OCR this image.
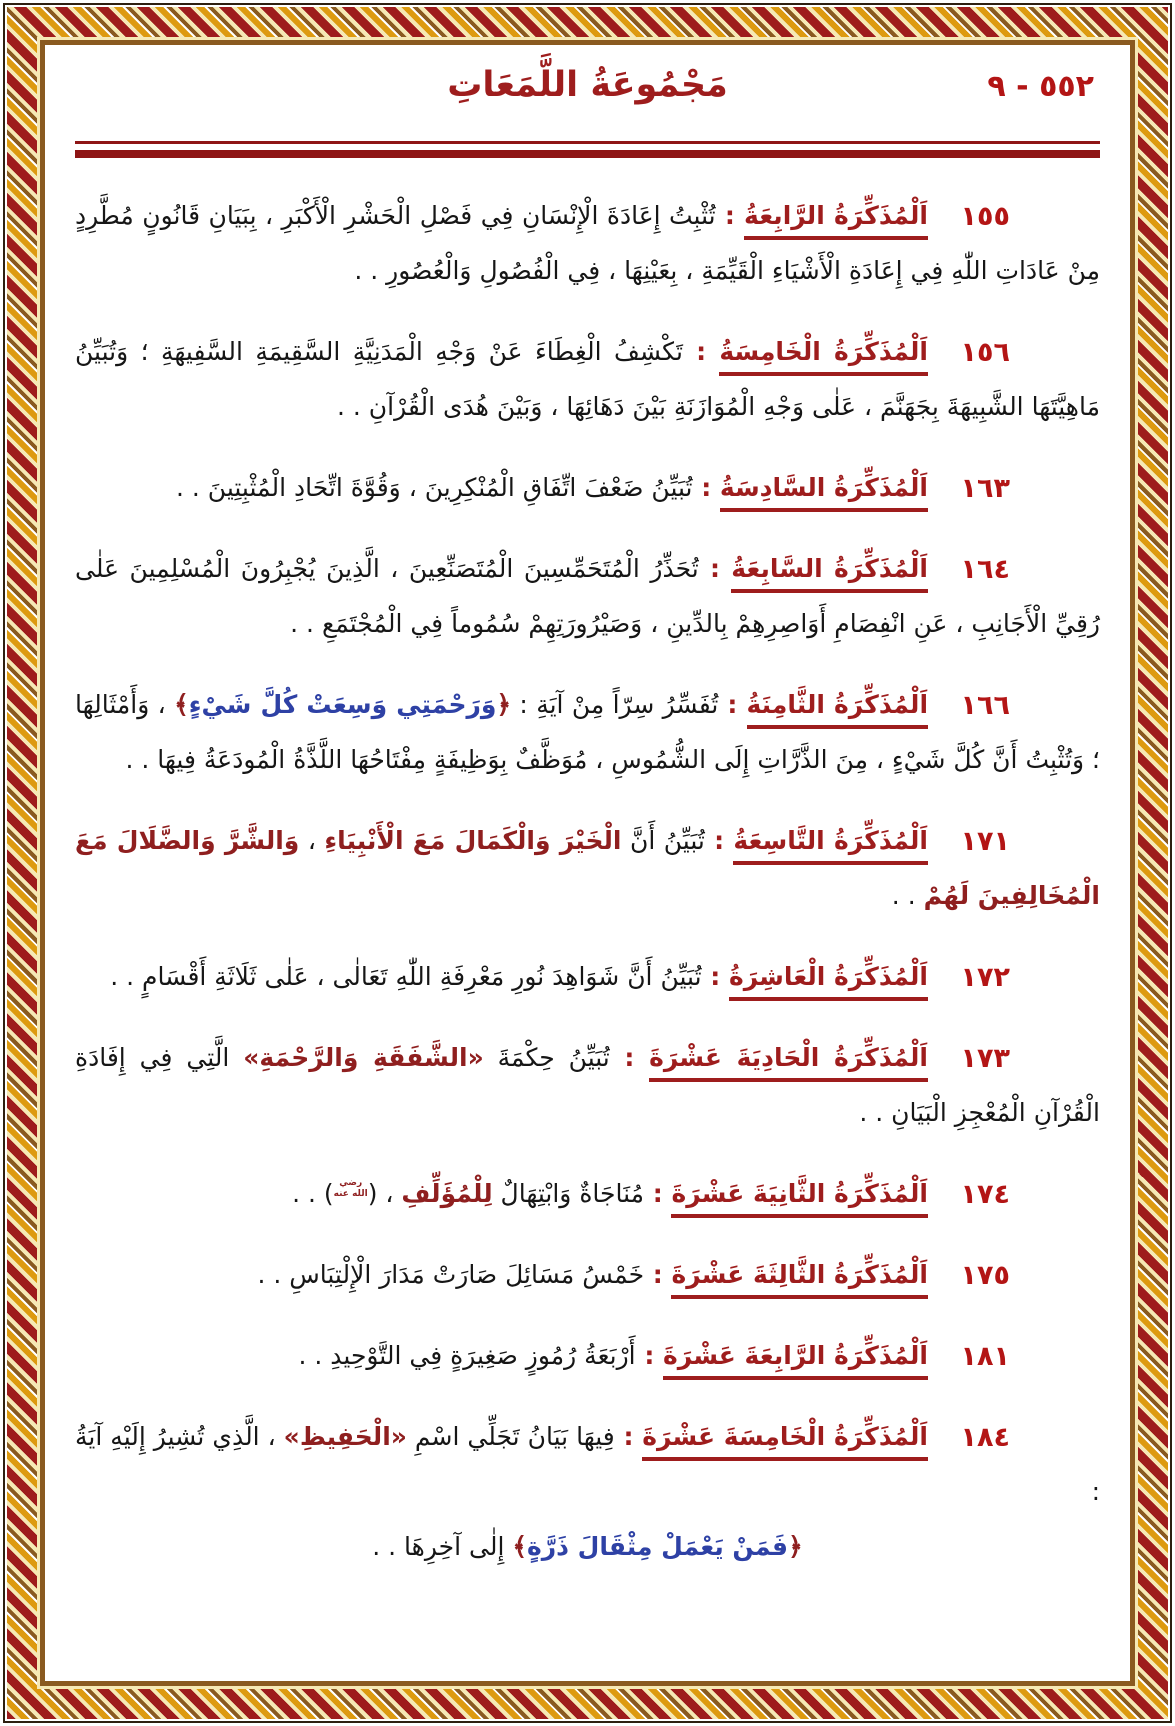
٥٥٢ - ٩
مَجْمُوعَةُ اللَّمَعَاتِ
١٥٥

اَلْمُذَكِّرَةُ الرَّابِعَةُ : تُثْبِتُ إِعَادَةَ الْإِنْسَانِ فِي فَصْلِ الْحَشْرِ الْأَكْبَرِ ، بِبَيَانِ قَانُونٍ مُطَّرِدٍ مِنْ عَادَاتِ اللّٰهِ فِي إِعَادَةِ الْأَشْيَاءِ الْقَيِّمَةِ ، بِعَيْنِهَا ، فِي الْفُصُولِ وَالْعُصُورِ . .

١٥٦

اَلْمُذَكِّرَةُ الْخَامِسَةُ : تَكْشِفُ الْغِطَاءَ عَنْ وَجْهِ الْمَدَنِيَّةِ السَّقِيمَةِ السَّفِيهَةِ ؛ وَتُبَيِّنُ مَاهِيَّتَهَا الشَّبِيهَةَ بِجَهَنَّمَ ، عَلٰى وَجْهِ الْمُوَازَنَةِ بَيْنَ دَهَائِهَا ، وَبَيْنَ هُدَى الْقُرْآنِ . .

١٦٣

اَلْمُذَكِّرَةُ السَّادِسَةُ : تُبَيِّنُ ضَعْفَ اتِّفَاقِ الْمُنْكِرِينَ ، وَقُوَّةَ اتِّحَادِ الْمُثْبِتِينَ . .

١٦٤

اَلْمُذَكِّرَةُ السَّابِعَةُ : تُحَذِّرُ الْمُتَحَمِّسِينَ الْمُتَصَنِّعِينَ ، الَّذِينَ يُجْبِرُونَ الْمُسْلِمِينَ عَلٰى رُقِيِّ الْأَجَانِبِ ، عَنِ انْفِصَامِ أَوَاصِرِهِمْ بِالدِّينِ ، وَصَيْرُورَتِهِمْ سُمُوماً فِي الْمُجْتَمَعِ . .

١٦٦

اَلْمُذَكِّرَةُ الثَّامِنَةُ : تُفَسِّرُ سِرّاً مِنْ آيَةِ : ﴿وَرَحْمَتِي وَسِعَتْ كُلَّ شَيْءٍ﴾ ، وَأَمْثَالِهَا ؛ وَتُثْبِتُ أَنَّ كُلَّ شَيْءٍ ، مِنَ الذَّرَّاتِ إِلَى الشُّمُوسِ ، مُوَظَّفٌ بِوَظِيفَةٍ مِفْتَاحُهَا اللَّذَّةُ الْمُودَعَةُ فِيهَا . .

١٧١

اَلْمُذَكِّرَةُ التَّاسِعَةُ : تُبَيِّنُ أَنَّ الْخَيْرَ وَالْكَمَالَ مَعَ الْأَنْبِيَاءِ ، وَالشَّرَّ وَالضَّلَالَ مَعَ الْمُخَالِفِينَ لَهُمْ . .

١٧٢

اَلْمُذَكِّرَةُ الْعَاشِرَةُ : تُبَيِّنُ أَنَّ شَوَاهِدَ نُورِ مَعْرِفَةِ اللّٰهِ تَعَالٰى ، عَلٰى ثَلَاثَةِ أَقْسَامٍ . .

١٧٣

اَلْمُذَكِّرَةُ الْحَادِيَةَ عَشْرَةَ : تُبَيِّنُ حِكْمَةَ «الشَّفَقَةِ وَالرَّحْمَةِ» الَّتِي فِي إِفَادَةِ الْقُرْآنِ الْمُعْجِزِ الْبَيَانِ . .

١٧٤

اَلْمُذَكِّرَةُ الثَّانِيَةَ عَشْرَةَ : مُنَاجَاةٌ وَابْتِهَالٌ لِلْمُؤَلِّفِ ، (رضي الله عنه) . .

١٧٥

اَلْمُذَكِّرَةُ الثَّالِثَةَ عَشْرَةَ : خَمْسُ مَسَائِلَ صَارَتْ مَدَارَ الْإِلْتِبَاسِ . .

١٨١

اَلْمُذَكِّرَةُ الرَّابِعَةَ عَشْرَةَ : أَرْبَعَةُ رُمُوزٍ صَغِيرَةٍ فِي التَّوْحِيدِ . .

١٨٤

اَلْمُذَكِّرَةُ الْخَامِسَةَ عَشْرَةَ : فِيهَا بَيَانُ تَجَلِّي اسْمِ «الْحَفِيظِ» ، الَّذِي تُشِيرُ إِلَيْهِ آيَةُ :

﴿فَمَنْ يَعْمَلْ مِثْقَالَ ذَرَّةٍ﴾ إِلٰى آخِرِهَا . .
